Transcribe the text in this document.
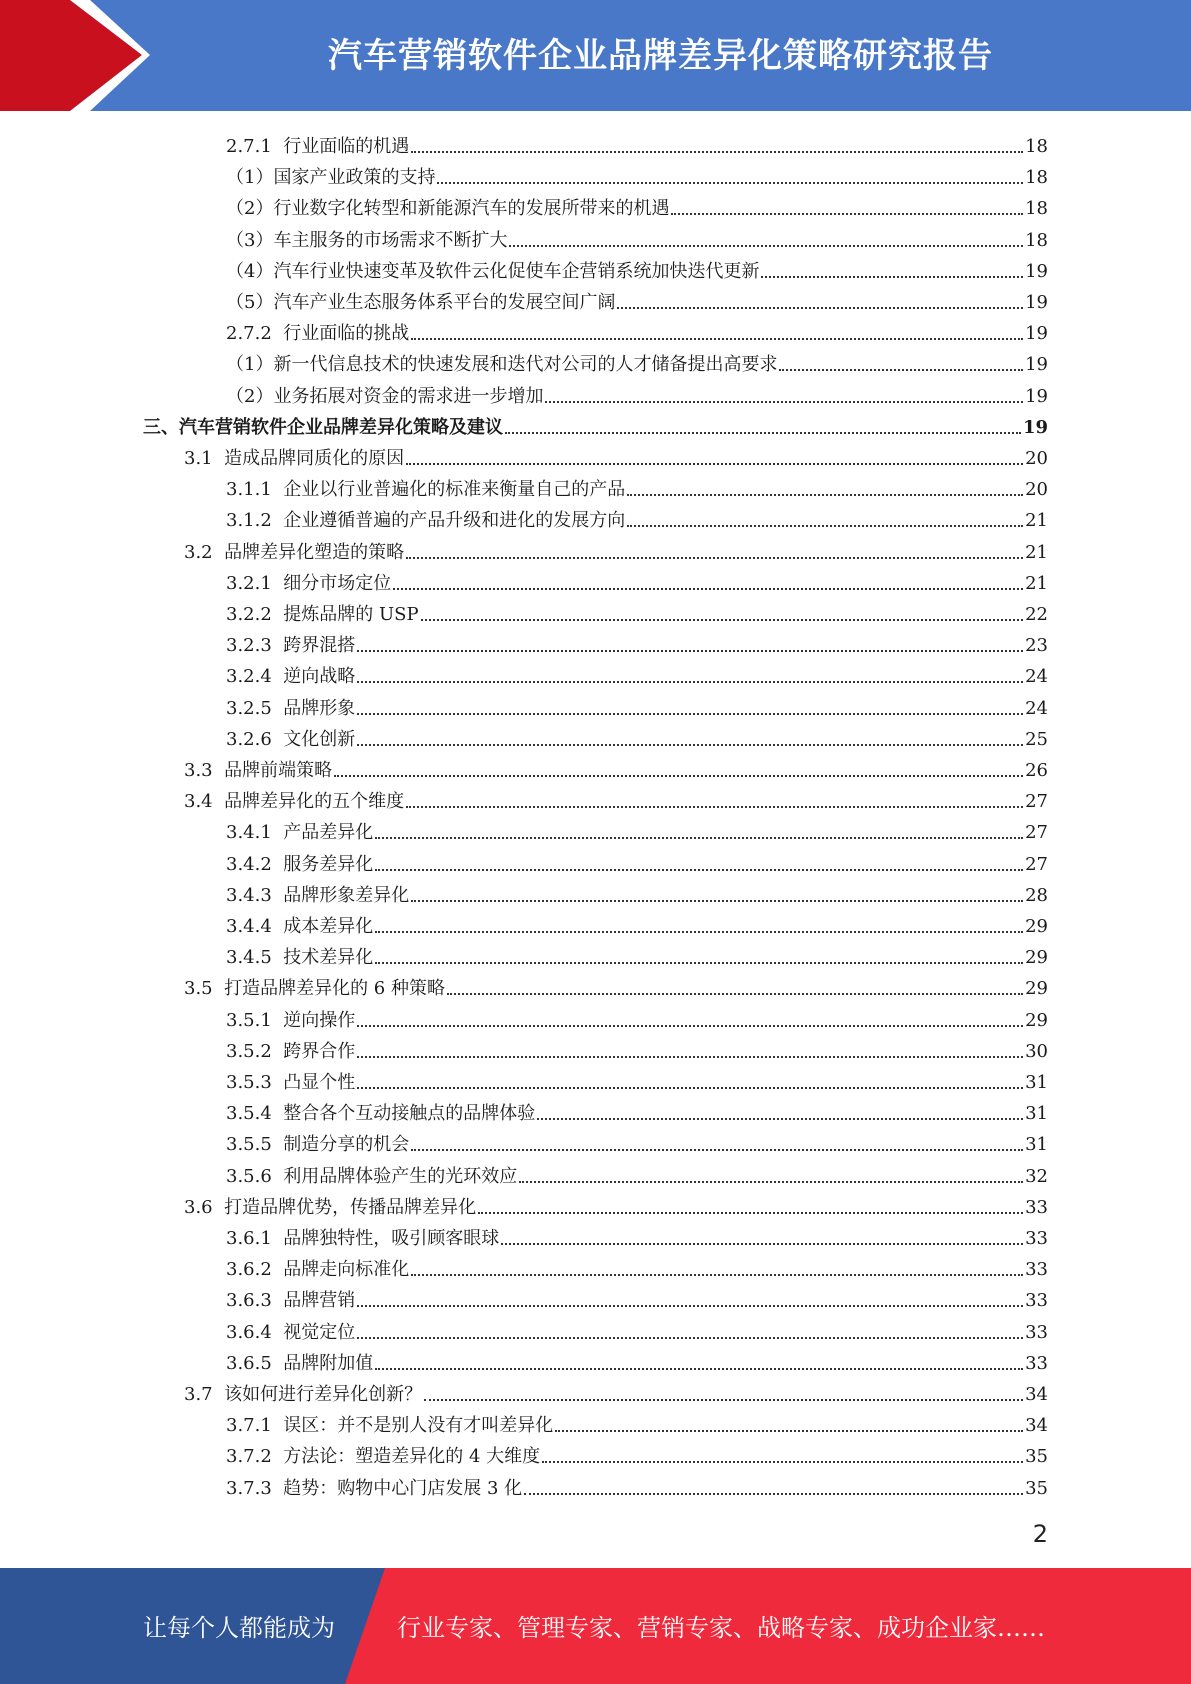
汽车营销软件企业品牌差异化策略研究报告
2.7.1 行业面临的机遇	18
（1） 国家产业政策的支持	18
（2） 行业数字化转型和新能源汽车的发展所带来的机遇	18
（3） 车主服务的市场需求不断扩大	18
（4） 汽车行业快速变革及软件云化促使车企营销系统加快迭代更新	19
（5） 汽车产业生态服务体系平台的发展空间广阔	19
2.7.2 行业面临的挑战	19
（1） 新一代信息技术的快速发展和迭代对公司的人才储备提出高要求	19
（2） 业务拓展对资金的需求进一步增加	19
三、 汽车营销软件企业品牌差异化策略及建议	19
3.1 造成品牌同质化的原因	20
3.1.1 企业以行业普遍化的标准来衡量自己的产品	20
3.1.2 企业遵循普遍的产品升级和进化的发展方向	21
3.2 品牌差异化塑造的策略	21
3.2.1 细分市场定位	21
3.2.2 提炼品牌的 USP	22
3.2.3 跨界混搭	23
3.2.4 逆向战略	24
3.2.5 品牌形象	24
3.2.6 文化创新	25
3.3 品牌前端策略	26
3.4 品牌差异化的五个维度	27
3.4.1 产品差异化	27
3.4.2 服务差异化	27
3.4.3 品牌形象差异化	28
3.4.4 成本差异化	29
3.4.5 技术差异化	29
3.5 打造品牌差异化的 6 种策略	29
3.5.1 逆向操作	29
3.5.2 跨界合作	30
3.5.3 凸显个性	31
3.5.4 整合各个互动接触点的品牌体验	31
3.5.5 制造分享的机会	31
3.5.6 利用品牌体验产生的光环效应	32
3.6 打造品牌优势，传播品牌差异化	33
3.6.1 品牌独特性，吸引顾客眼球	33
3.6.2 品牌走向标准化	33
3.6.3 品牌营销	33
3.6.4 视觉定位	33
3.6.5 品牌附加值	33
3.7 该如何进行差异化创新？	34
3.7.1 误区：并不是别人没有才叫差异化	34
3.7.2 方法论：塑造差异化的 4 大维度	35
3.7.3 趋势：购物中心门店发展 3 化	35
2
让每个人都能成为	行业专家、管理专家、营销专家、战略专家、成功企业家……
